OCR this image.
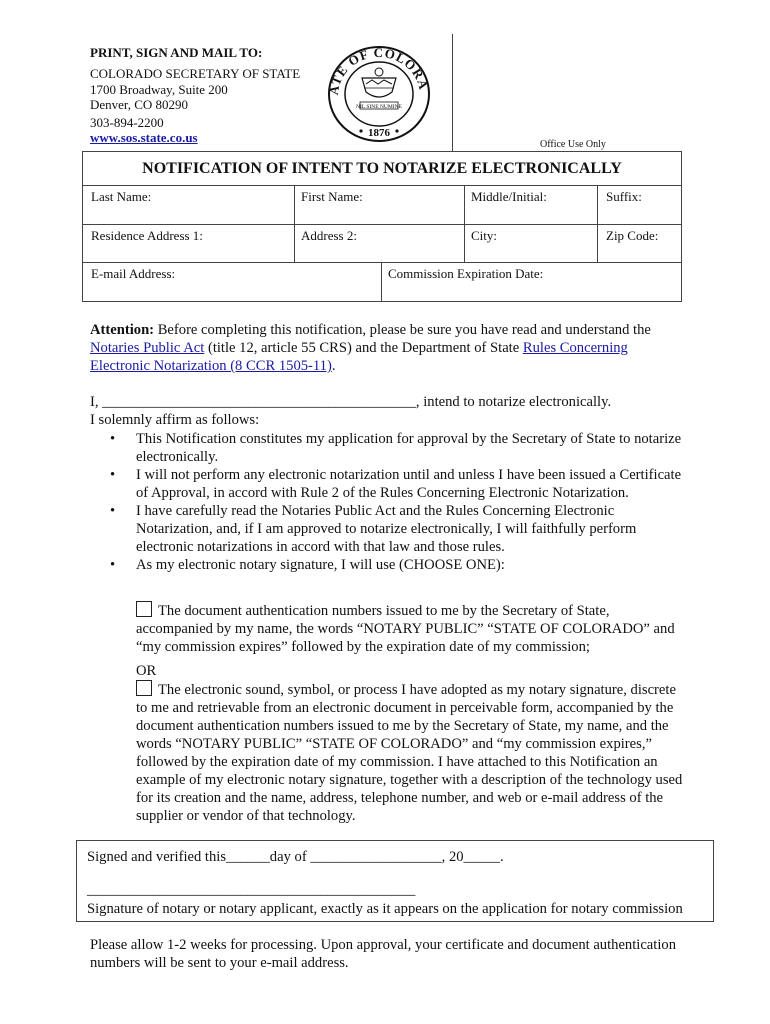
PRINT, SIGN AND MAIL TO:
COLORADO SECRETARY OF STATE
1700 Broadway, Suite 200
Denver, CO 80290
303-894-2200
www.sos.state.co.us
ATE OF COLORA
NIL SINE NUMINE
1876
Office Use Only
NOTIFICATION OF INTENT TO NOTARIZE ELECTRONICALLY
Last Name:	First Name:	Middle/Initial:	Suffix:
Residence Address 1:	Address 2:	City:	Zip Code:
E-mail Address:	Commission Expiration Date:
Attention: Before completing this notification, please be sure you have read and understand the Notaries Public Act (title 12, article 55 CRS) and the Department of State Rules Concerning Electronic Notarization (8 CCR 1505-11).
I, ___________________________________________, intend to notarize electronically.
I solemnly affirm as follows:
• This Notification constitutes my application for approval by the Secretary of State to notarize electronically.
• I will not perform any electronic notarization until and unless I have been issued a Certificate of Approval, in accord with Rule 2 of the Rules Concerning Electronic Notarization.
• I have carefully read the Notaries Public Act and the Rules Concerning Electronic Notarization, and, if I am approved to notarize electronically, I will faithfully perform electronic notarizations in accord with that law and those rules.
• As my electronic notary signature, I will use (CHOOSE ONE):
The document authentication numbers issued to me by the Secretary of State, accompanied by my name, the words “NOTARY PUBLIC” “STATE OF COLORADO” and “my commission expires” followed by the expiration date of my commission;
OR
The electronic sound, symbol, or process I have adopted as my notary signature, discrete to me and retrievable from an electronic document in perceivable form, accompanied by the document authentication numbers issued to me by the Secretary of State, my name, and the words “NOTARY PUBLIC” “STATE OF COLORADO” and “my commission expires,” followed by the expiration date of my commission. I have attached to this Notification an example of my electronic notary signature, together with a description of the technology used for its creation and the name, address, telephone number, and web or e-mail address of the supplier or vendor of that technology.
Signed and verified this______day of __________________, 20_____.
_____________________________________________
Signature of notary or notary applicant, exactly as it appears on the application for notary commission
Please allow 1-2 weeks for processing. Upon approval, your certificate and document authentication numbers will be sent to your e-mail address.
